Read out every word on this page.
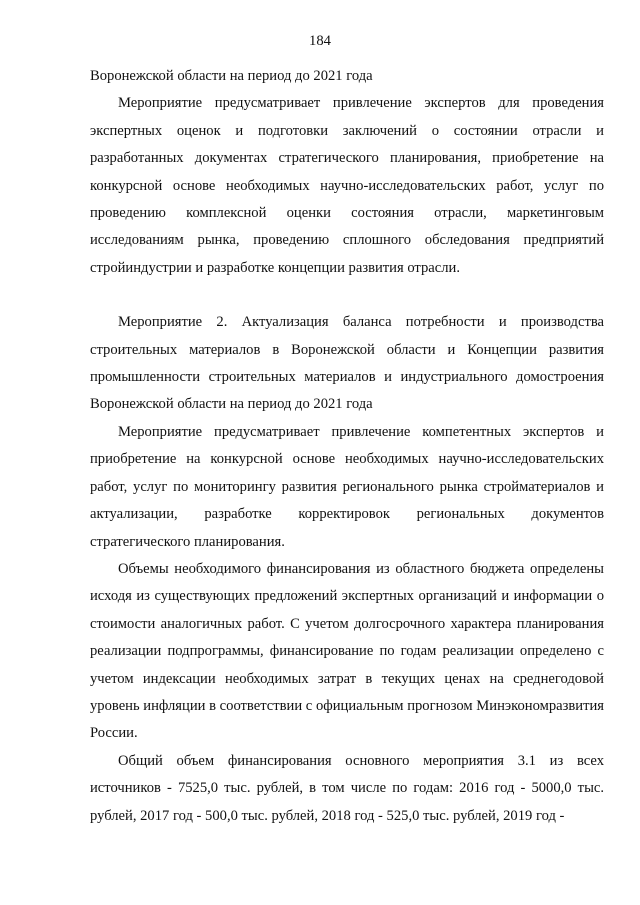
184

Воронежской области на период до 2021 года

Мероприятие предусматривает привлечение экспертов для проведения экспертных оценок и подготовки заключений о состоянии отрасли и разработанных документах стратегического планирования, приобретение на конкурсной основе необходимых научно-исследовательских работ, услуг по проведению комплексной оценки состояния отрасли, маркетинговым исследованиям рынка, проведению сплошного обследования предприятий стройиндустрии и разработке концепции развития отрасли.

Мероприятие 2. Актуализация баланса потребности и производства строительных материалов в Воронежской области и Концепции развития промышленности строительных материалов и индустриального домостроения Воронежской области на период до 2021 года

Мероприятие предусматривает привлечение компетентных экспертов и приобретение на конкурсной основе необходимых научно-исследовательских работ, услуг по мониторингу развития регионального рынка стройматериалов и актуализации, разработке корректировок региональных документов стратегического планирования.

Объемы необходимого финансирования из областного бюджета определены исходя из существующих предложений экспертных организаций и информации о стоимости аналогичных работ. С учетом долгосрочного характера планирования реализации подпрограммы, финансирование по годам реализации определено с учетом индексации необходимых затрат в текущих ценах на среднегодовой уровень инфляции в соответствии с официальным прогнозом Минэкономразвития России.

Общий объем финансирования основного мероприятия 3.1 из всех источников - 7525,0 тыс. рублей, в том числе по годам: 2016 год - 5000,0 тыс. рублей, 2017 год - 500,0 тыс. рублей, 2018 год - 525,0 тыс. рублей, 2019 год -
